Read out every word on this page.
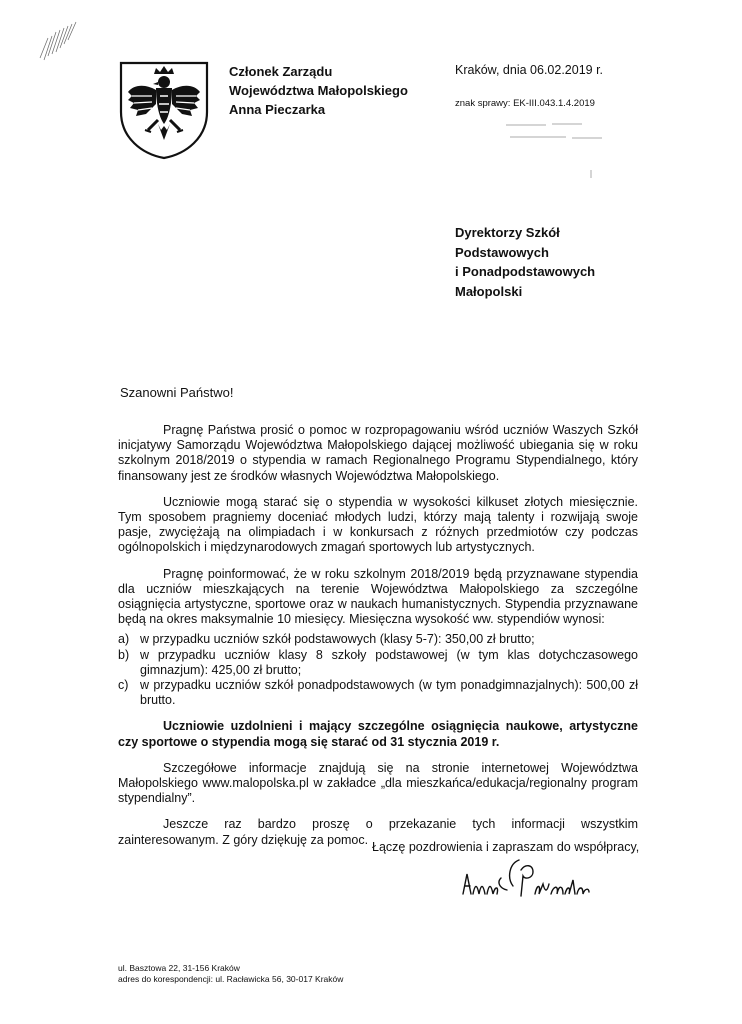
Członek Zarządu
Województwa Małopolskiego
Anna Pieczarka
Kraków, dnia 06.02.2019 r.
znak sprawy: EK-III.043.1.4.2019
Dyrektorzy Szkół
Podstawowych
i Ponadpodstawowych
Małopolski
Szanowni Państwo!

Pragnę Państwa prosić o pomoc w rozpropagowaniu wśród uczniów Waszych Szkół inicjatywy Samorządu Województwa Małopolskiego dającej możliwość ubiegania się w roku szkolnym 2018/2019 o stypendia w ramach Regionalnego Programu Stypendialnego, który finansowany jest ze środków własnych Województwa Małopolskiego.

Uczniowie mogą starać się o stypendia w wysokości kilkuset złotych miesięcznie. Tym sposobem pragniemy doceniać młodych ludzi, którzy mają talenty i rozwijają swoje pasje, zwyciężają na olimpiadach i w konkursach z różnych przedmiotów czy podczas ogólnopolskich i międzynarodowych zmagań sportowych lub artystycznych.

Pragnę poinformować, że w roku szkolnym 2018/2019 będą przyznawane stypendia dla uczniów mieszkających na terenie Województwa Małopolskiego za szczególne osiągnięcia artystyczne, sportowe oraz w naukach humanistycznych. Stypendia przyznawane będą na okres maksymalnie 10 miesięcy. Miesięczna wysokość ww. stypendiów wynosi:

a) w przypadku uczniów szkół podstawowych (klasy 5-7): 350,00 zł brutto;
b) w przypadku uczniów klasy 8 szkoły podstawowej (w tym klas dotychczasowego gimnazjum): 425,00 zł brutto;
c) w przypadku uczniów szkół ponadpodstawowych (w tym ponadgimnazjalnych): 500,00 zł brutto.

Uczniowie uzdolnieni i mający szczególne osiągnięcia naukowe, artystyczne czy sportowe o stypendia mogą się starać od 31 stycznia 2019 r.

Szczegółowe informacje znajdują się na stronie internetowej Województwa Małopolskiego www.malopolska.pl w zakładce „dla mieszkańca/edukacja/regionalny program stypendialny”.

Jeszcze raz bardzo proszę o przekazanie tych informacji wszystkim zainteresowanym. Z góry dziękuję za pomoc.

Łączę pozdrowienia i zapraszam do współpracy,
ul. Basztowa 22, 31-156 Kraków
adres do korespondencji: ul. Racławicka 56, 30-017 Kraków
